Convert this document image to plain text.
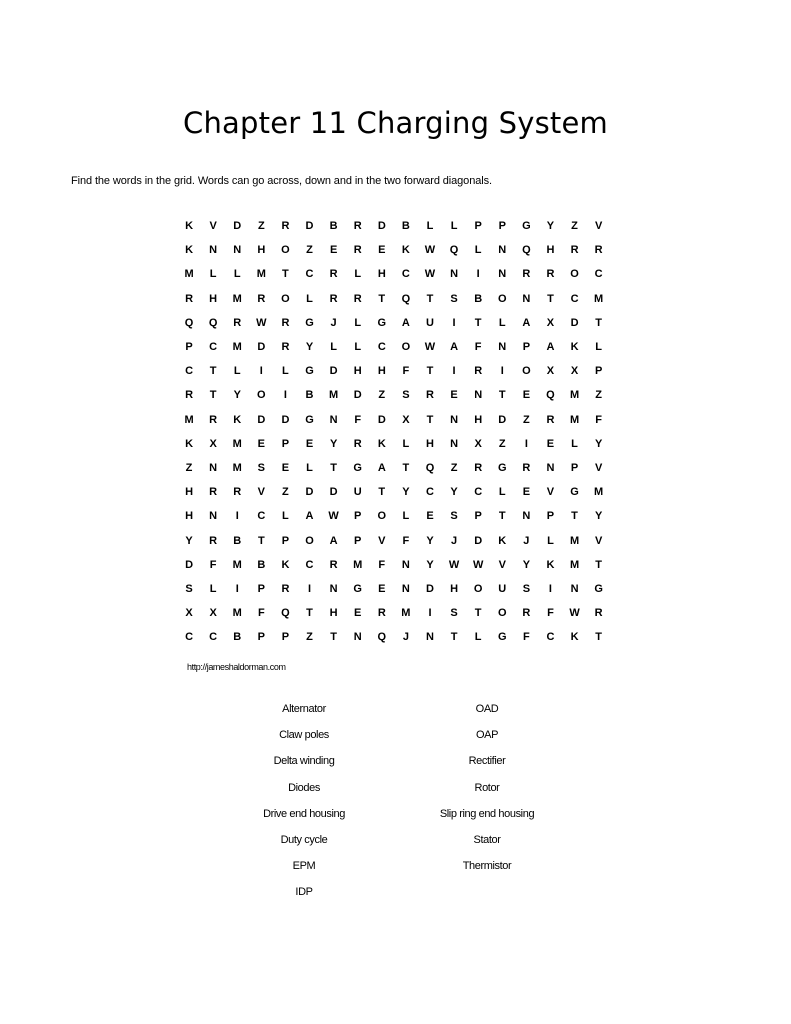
Chapter 11 Charging System
Find the words in the grid. Words can go across, down and in the two forward diagonals.
K	V	D	Z	R	D	B	R	D	B	L	L	P	P	G	Y	Z	V
K	N	N	H	O	Z	E	R	E	K	W	Q	L	N	Q	H	R	R
M	L	L	M	T	C	R	L	H	C	W	N	I	N	R	R	O	C
R	H	M	R	O	L	R	R	T	Q	T	S	B	O	N	T	C	M
Q	Q	R	W	R	G	J	L	G	A	U	I	T	L	A	X	D	T
P	C	M	D	R	Y	L	L	C	O	W	A	F	N	P	A	K	L
C	T	L	I	L	G	D	H	H	F	T	I	R	I	O	X	X	P
R	T	Y	O	I	B	M	D	Z	S	R	E	N	T	E	Q	M	Z
M	R	K	D	D	G	N	F	D	X	T	N	H	D	Z	R	M	F
K	X	M	E	P	E	Y	R	K	L	H	N	X	Z	I	E	L	Y
Z	N	M	S	E	L	T	G	A	T	Q	Z	R	G	R	N	P	V
H	R	R	V	Z	D	D	U	T	Y	C	Y	C	L	E	V	G	M
H	N	I	C	L	A	W	P	O	L	E	S	P	T	N	P	T	Y
Y	R	B	T	P	O	A	P	V	F	Y	J	D	K	J	L	M	V
D	F	M	B	K	C	R	M	F	N	Y	W	W	V	Y	K	M	T
S	L	I	P	R	I	N	G	E	N	D	H	O	U	S	I	N	G
X	X	M	F	Q	T	H	E	R	M	I	S	T	O	R	F	W	R
C	C	B	P	P	Z	T	N	Q	J	N	T	L	G	F	C	K	T
http://jameshaldorman.com
Alternator
Claw poles
Delta winding
Diodes
Drive end housing
Duty cycle
EPM
IDP
OAD
OAP
Rectifier
Rotor
Slip ring end housing
Stator
Thermistor
